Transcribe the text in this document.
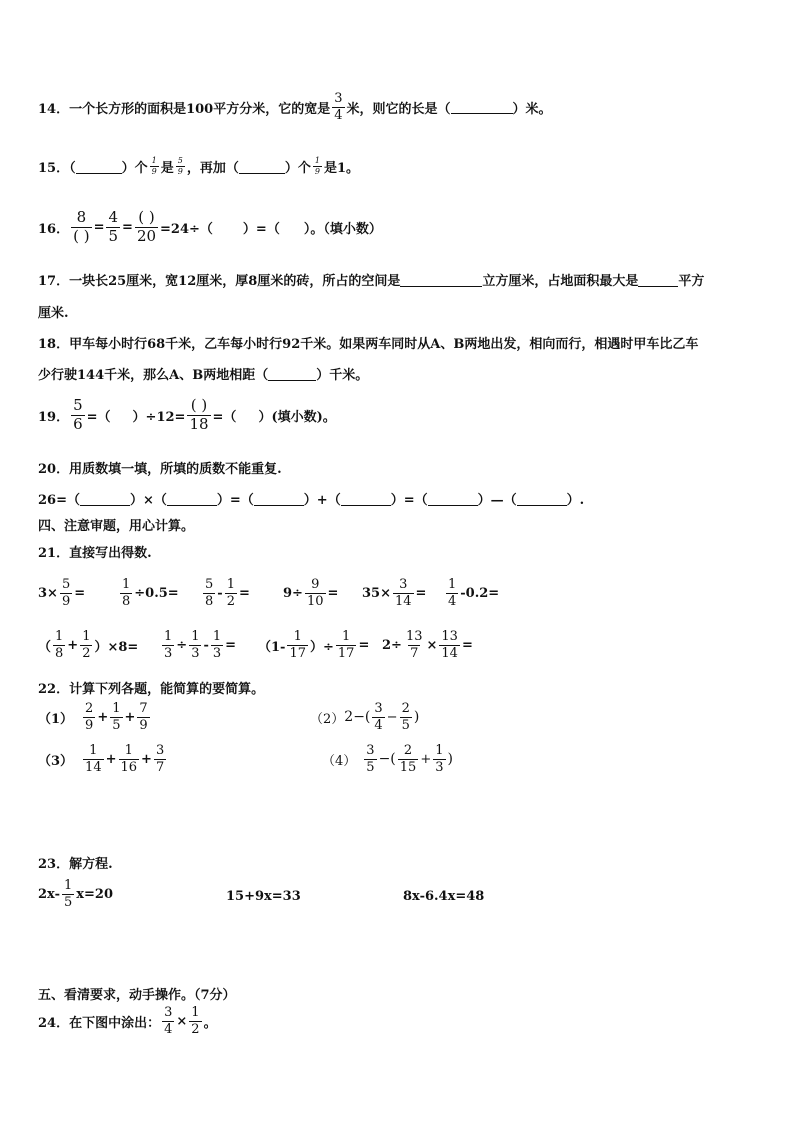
14．一个长方形的面积是100平方分米，它的宽是 $\frac{3}{4}$ 米，则它的长是（	）米。
15．（	）个 $\frac{1}{9}$ 是 $\frac{5}{9}$ ，再加（	）个 $\frac{1}{9}$ 是1。
16． $\frac{8}{( )} = \frac{4}{5} = \frac{( )}{20} =24\div$（ ）=（ ）。（填小数）
17．一块长25厘米，宽12厘米，厚8厘米的砖，所占的空间是	立方厘米，占地面积最大是	平方
厘米.
18．甲车每小时行68千米，乙车每小时行92千米。如果两车同时从A、B两地出发，相向而行，相遇时甲车比乙车
少行驶144千米，那么A、B两地相距（	）千米。
19． $\frac{5}{6}$ =（ ）$\div 12= \frac{( )}{18}$ =（ ）(填小数)。
20．用质数填一填，所填的质数不能重复.
26=（	）×（	）=（	）+（	）=（	）—（	）.
四、注意审题，用心计算。
21．直接写出得数.
$3\times \frac{5}{9}$ =	$\frac{1}{8} \div 0.5= \frac{5}{8} - \frac{1}{2}$ =	$9\div \frac{9}{10} = 35\times \frac{3}{14} = \frac{1}{4} -0.2=$
（ $\frac{1}{8} + \frac{1}{2} )\times 8= \frac{1}{3} \div \frac{1}{3} - \frac{1}{3} = (1- \frac{1}{17}$ ）÷ $\frac{1}{17} = 2\div \frac{13}{7} \times \frac{13}{14}$ =
22．计算下列各题，能简算的要简算。
$(1) \frac{2}{9} + \frac{1}{5} + \frac{7}{9}$	（2） $2-( \frac{3}{4} - \frac{2}{5}$ )
$(3) \frac{1}{14} + \frac{1}{16} + \frac{3}{7}$	$(4) \frac{3}{5}$ −( $\frac{2}{15} + \frac{1}{3}$ )
23．解方程.
$2x- \frac{1}{5} x=20$	15+9x=33	8x-6.4x=48
五、看清要求，动手操作。（7分）
24．在下图中涂出： $\frac{3}{4} \times \frac{1}{2}$ 。
